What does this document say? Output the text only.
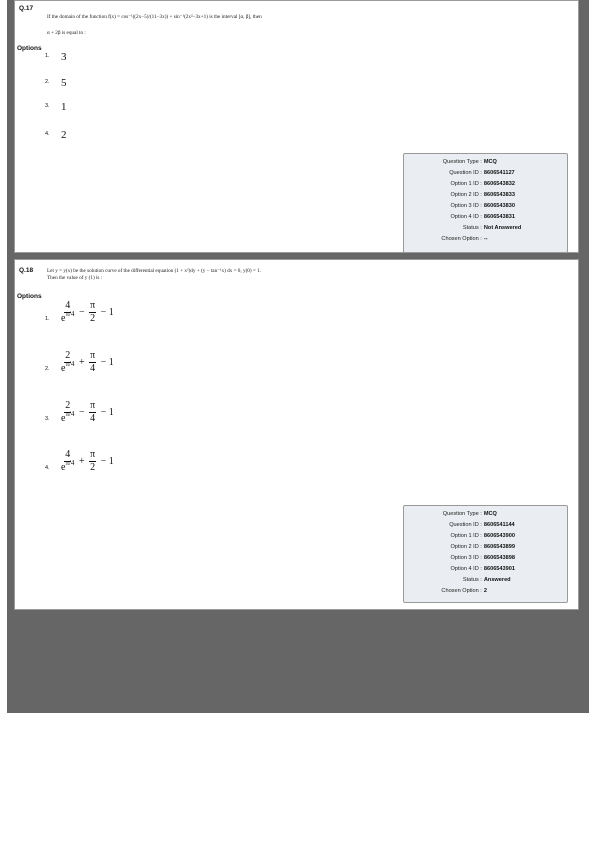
Q.17
If the domain of the function f(x) = cos⁻¹((2x−5)/(11−3x)) + sin⁻¹(2x²−3x+1) is the interval [α, β], then
α + 2β is equal to :
Options
1. 3
2. 5
3. 1
4. 2
Question Type : MCQ
Question ID : 8606541127
Option 1 ID : 8606543832
Option 2 ID : 8606543833
Option 3 ID : 8606543830
Option 4 ID : 8606543831
Status : Not Answered
Chosen Option : --
Q.18	Let y = y(x) be the solution curve of the differential equation (1 + x²)dy + (y − tan⁻¹x) dx = 0, y(0) = 1.
Then the value of y (1) is :
Options
1. $\frac{4}{e^{\pi/4}} - \frac{\pi}{2} - 1$
2. $\frac{2}{e^{\pi/4}} + \frac{\pi}{4} - 1$
3. $\frac{2}{e^{\pi/4}} - \frac{\pi}{4} - 1$
4. $\frac{4}{e^{\pi/4}} + \frac{\pi}{2} - 1$
Question Type : MCQ
Question ID : 8606541144
Option 1 ID : 8606543900
Option 2 ID : 8606543899
Option 3 ID : 8606543898
Option 4 ID : 8606543901
Status : Answered
Chosen Option : 2
